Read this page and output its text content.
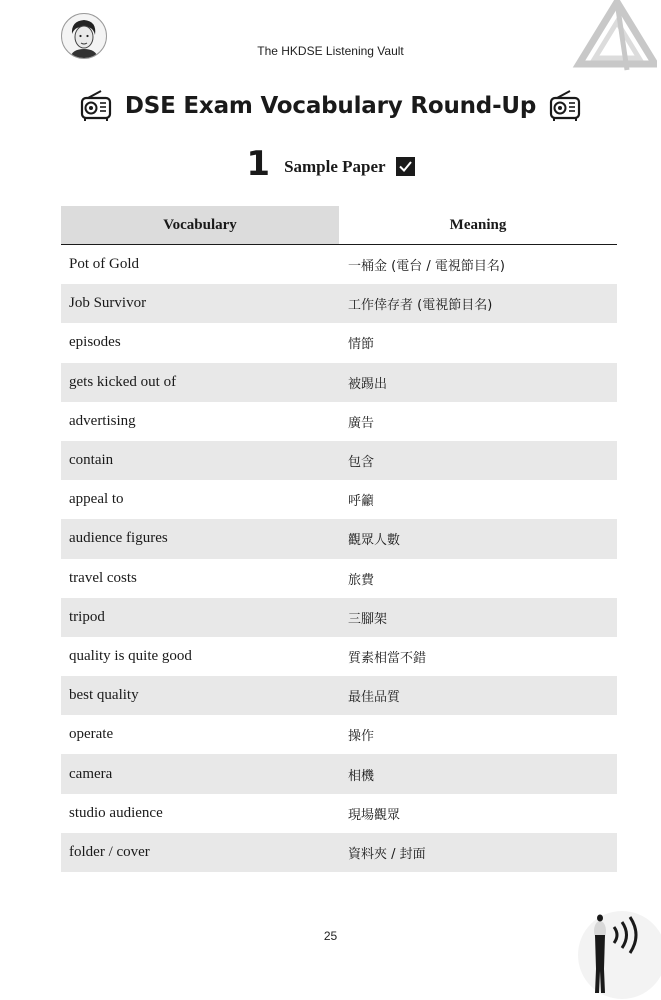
The HKDSE Listening Vault
DSE Exam Vocabulary Round-Up
1 Sample Paper
Vocabulary	Meaning
Pot of Gold	一桶金 (電台 / 電視節目名)
Job Survivor	工作倖存者 (電視節目名)
episodes	情節
gets kicked out of	被踢出
advertising	廣告
contain	包含
appeal to	呼籲
audience figures	觀眾人數
travel costs	旅費
tripod	三腳架
quality is quite good	質素相當不錯
best quality	最佳品質
operate	操作
camera	相機
studio audience	現場觀眾
folder / cover	資料夾 / 封面
25
